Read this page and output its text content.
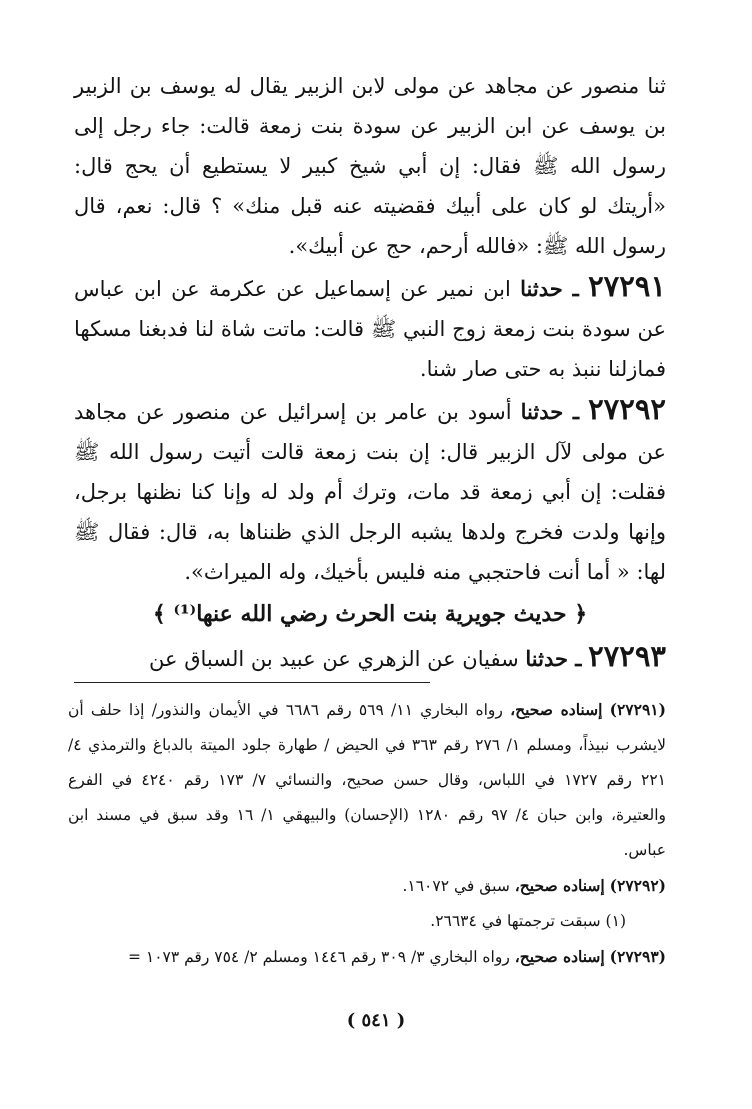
ثنا منصور عن مجاهد عن مولى لابن الزبير يقال له يوسف بن الزبير بن يوسف عن ابن الزبير عن سودة بنت زمعة قالت: جاء رجل إلى رسول الله ﷺ فقال: إن أبي شيخ كبير لا يستطيع أن يحج قال: «أريتك لو كان على أبيك فقضيته عنه قبل منك» ؟ قال: نعم، قال رسول الله ﷺ: «فالله أرحم، حج عن أبيك».

٢٧٢٩١ ـ حدثنا ابن نمير عن إسماعيل عن عكرمة عن ابن عباس عن سودة بنت زمعة زوج النبي ﷺ قالت: ماتت شاة لنا فدبغنا مسكها فمازلنا ننبذ به حتى صار شنا.

٢٧٢٩٢ ـ حدثنا أسود بن عامر بن إسرائيل عن منصور عن مجاهد عن مولى لآل الزبير قال: إن بنت زمعة قالت أتيت رسول الله ﷺ فقلت: إن أبي زمعة قد مات، وترك أم ولد له وإنا كنا نظنها برجل، وإنها ولدت فخرج ولدها يشبه الرجل الذي ظنناها به، قال: فقال ﷺ لها: « أما أنت فاحتجبي منه فليس بأخيك، وله الميراث».

﴿ حديث جويرية بنت الحرث رضي الله عنها⁽¹⁾ ﴾

٢٧٢٩٣ ـ حدثنا سفيان عن الزهري عن عبيد بن السباق عن

(٢٧٢٩١) إسناده صحيح، رواه البخاري ١١/ ٥٦٩ رقم ٦٦٨٦ في الأيمان والنذور/ إذا حلف أن لايشرب نبيذاً، ومسلم ١/ ٢٧٦ رقم ٣٦٣ في الحيض / طهارة جلود الميتة بالدباغ والترمذي ٤/ ٢٢١ رقم ١٧٢٧ في اللباس، وقال حسن صحيح، والنسائي ٧/ ١٧٣ رقم ٤٢٤٠ في الفرع والعتيرة، وابن حبان ٤/ ٩٧ رقم ١٢٨٠ (الإحسان) والبيهقي ١/ ١٦ وقد سبق في مسند ابن عباس.

(٢٧٢٩٢) إسناده صحيح، سبق في ١٦٠٧٢.

(١) سبقت ترجمتها في ٢٦٦٣٤.

(٢٧٢٩٣) إسناده صحيح، رواه البخاري ٣/ ٣٠٩ رقم ١٤٤٦ ومسلم ٢/ ٧٥٤ رقم ١٠٧٣ =

( ٥٤١ )
